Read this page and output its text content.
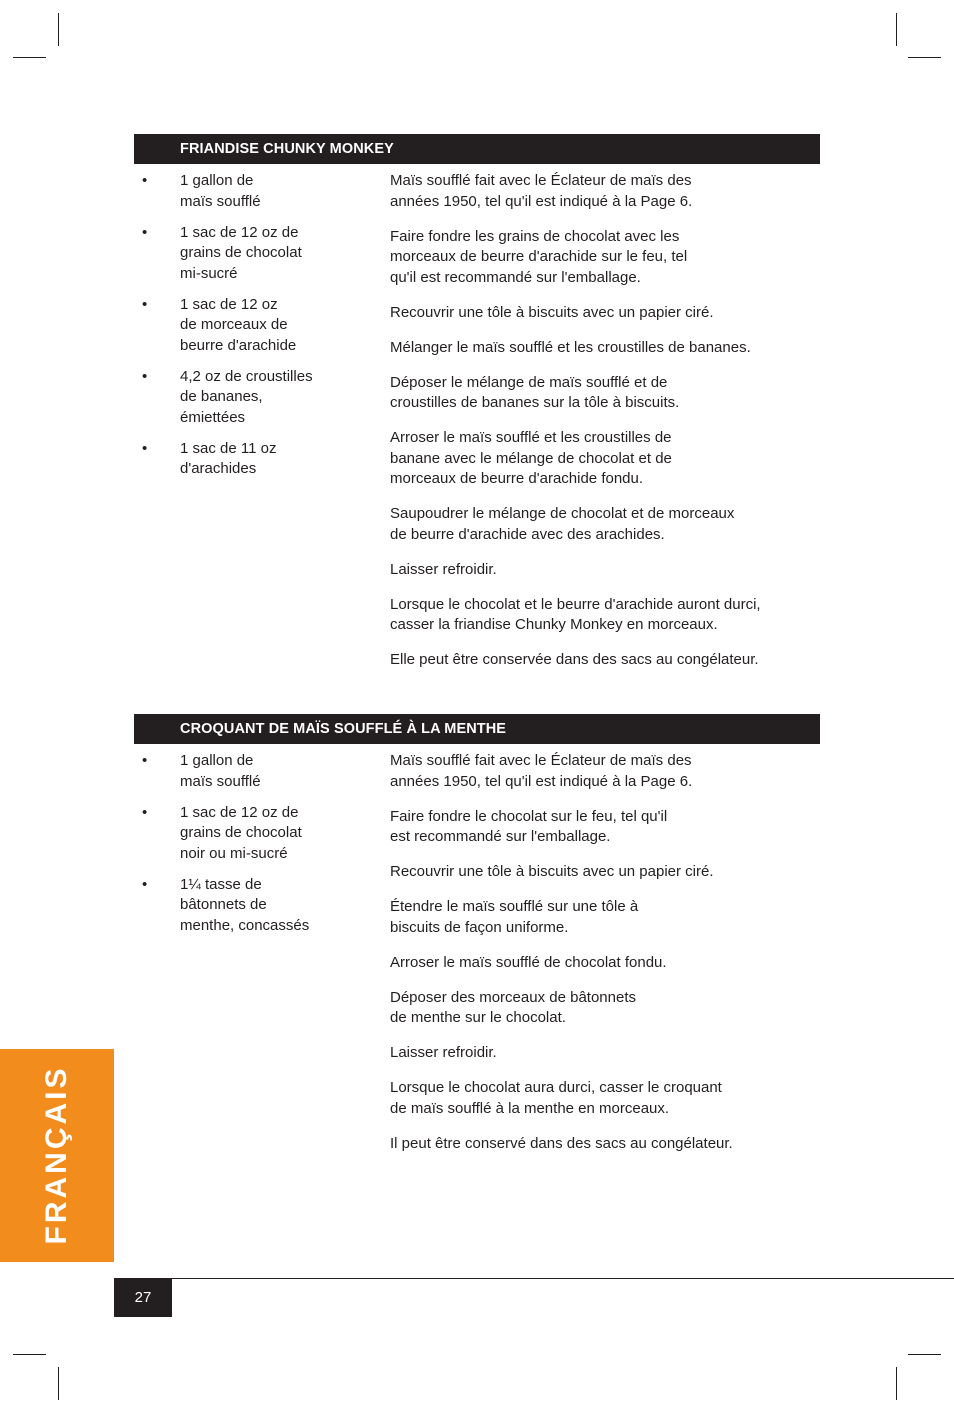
FRIANDISE CHUNKY MONKEY
• 1 gallon de
maïs soufflé
• 1 sac de 12 oz de
grains de chocolat
mi-sucré
• 1 sac de 12 oz
de morceaux de
beurre d'arachide
• 4,2 oz de croustilles
de bananes,
émiettées
• 1 sac de 11 oz
d'arachides

Maïs soufflé fait avec le Éclateur de maïs des
années 1950, tel qu'il est indiqué à la Page 6.

Faire fondre les grains de chocolat avec les
morceaux de beurre d'arachide sur le feu, tel
qu'il est recommandé sur l'emballage.

Recouvrir une tôle à biscuits avec un papier ciré.

Mélanger le maïs soufflé et les croustilles de bananes.

Déposer le mélange de maïs soufflé et de
croustilles de bananes sur la tôle à biscuits.

Arroser le maïs soufflé et les croustilles de
banane avec le mélange de chocolat et de
morceaux de beurre d'arachide fondu.

Saupoudrer le mélange de chocolat et de morceaux
de beurre d'arachide avec des arachides.

Laisser refroidir.

Lorsque le chocolat et le beurre d'arachide auront durci,
casser la friandise Chunky Monkey en morceaux.

Elle peut être conservée dans des sacs au congélateur.

CROQUANT DE MAÏS SOUFFLÉ À LA MENTHE
• 1 gallon de
maïs soufflé
• 1 sac de 12 oz de
grains de chocolat
noir ou mi-sucré
• 1¼ tasse de
bâtonnets de
menthe, concassés

Maïs soufflé fait avec le Éclateur de maïs des
années 1950, tel qu'il est indiqué à la Page 6.

Faire fondre le chocolat sur le feu, tel qu'il
est recommandé sur l'emballage.

Recouvrir une tôle à biscuits avec un papier ciré.

Étendre le maïs soufflé sur une tôle à
biscuits de façon uniforme.

Arroser le maïs soufflé de chocolat fondu.

Déposer des morceaux de bâtonnets
de menthe sur le chocolat.

Laisser refroidir.

Lorsque le chocolat aura durci, casser le croquant
de maïs soufflé à la menthe en morceaux.

Il peut être conservé dans des sacs au congélateur.

FRANÇAIS
27
